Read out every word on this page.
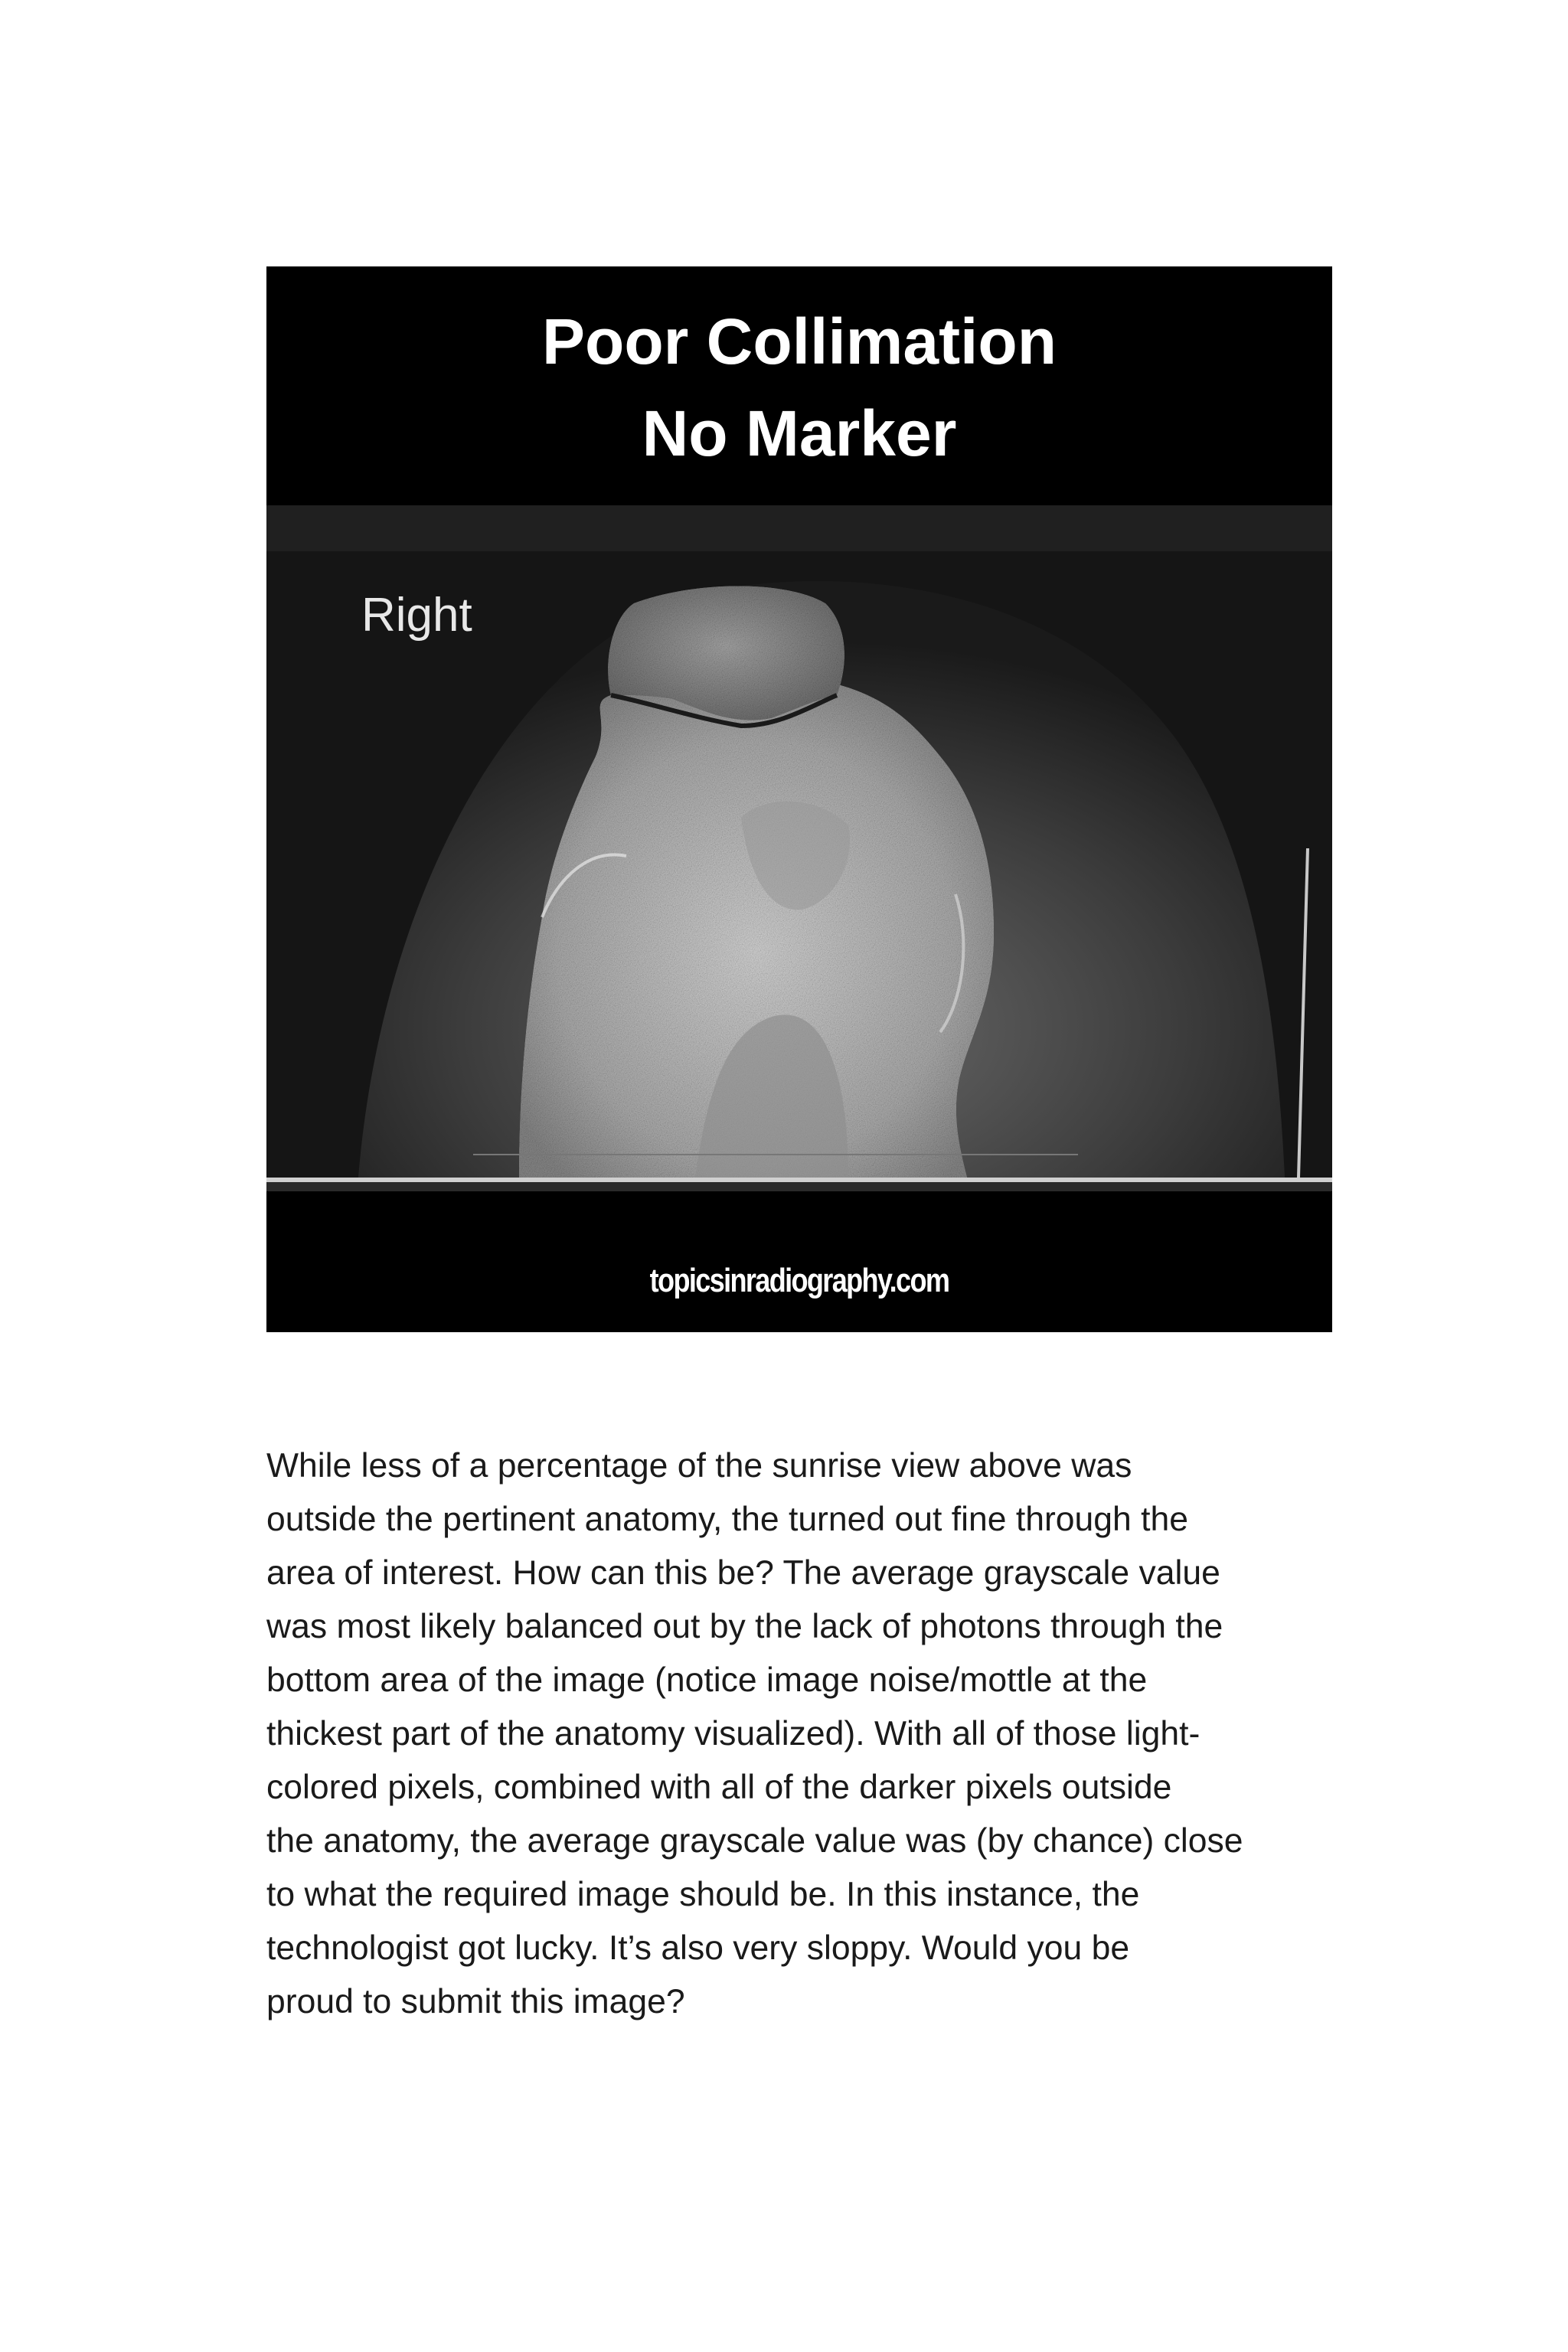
Poor Collimation
No Marker
Right
topicsinradiography.com

While less of a percentage of the sunrise view above was
outside the pertinent anatomy, the turned out fine through the
area of interest. How can this be? The average grayscale value
was most likely balanced out by the lack of photons through the
bottom area of the image (notice image noise/mottle at the
thickest part of the anatomy visualized). With all of those light-
colored pixels, combined with all of the darker pixels outside
the anatomy, the average grayscale value was (by chance) close
to what the required image should be. In this instance, the
technologist got lucky. It’s also very sloppy. Would you be
proud to submit this image?
